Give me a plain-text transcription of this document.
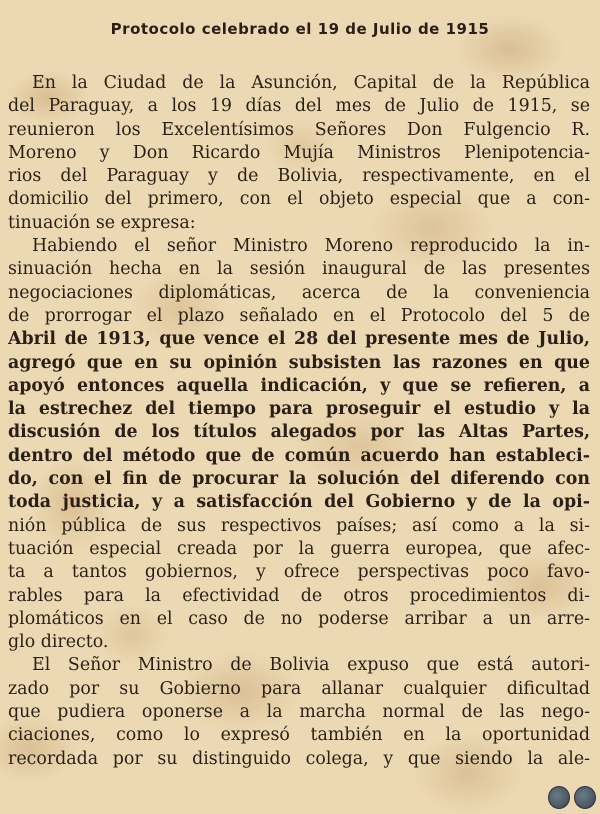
Protocolo celebrado el 19 de Julio de 1915
En la Ciudad de la Asunción, Capital de la República
del Paraguay, a los 19 días del mes de Julio de 1915, se
reunieron los Excelentísimos Señores Don Fulgencio R.
Moreno y Don Ricardo Mujía Ministros Plenipotencia-
rios del Paraguay y de Bolivia, respectivamente, en el
domicilio del primero, con el objeto especial que a con-
tinuación se expresa:
Habiendo el señor Ministro Moreno reproducido la in-
sinuación hecha en la sesión inaugural de las presentes
negociaciones diplomáticas, acerca de la conveniencia
de prorrogar el plazo señalado en el Protocolo del 5 de
Abril de 1913, que vence el 28 del presente mes de Julio,
agregó que en su opinión subsisten las razones en que
apoyó entonces aquella indicación, y que se refieren, a
la estrechez del tiempo para proseguir el estudio y la
discusión de los títulos alegados por las Altas Partes,
dentro del método que de común acuerdo han estableci-
do, con el fin de procurar la solución del diferendo con
toda justicia, y a satisfacción del Gobierno y de la opi-
nión pública de sus respectivos países; así como a la si-
tuación especial creada por la guerra europea, que afec-
ta a tantos gobiernos, y ofrece perspectivas poco favo-
rables para la efectividad de otros procedimientos di-
plomáticos en el caso de no poderse arribar a un arre-
glo directo.
El Señor Ministro de Bolivia expuso que está autori-
zado por su Gobierno para allanar cualquier dificultad
que pudiera oponerse a la marcha normal de las nego-
ciaciones, como lo expresó también en la oportunidad
recordada por su distinguido colega, y que siendo la ale-
